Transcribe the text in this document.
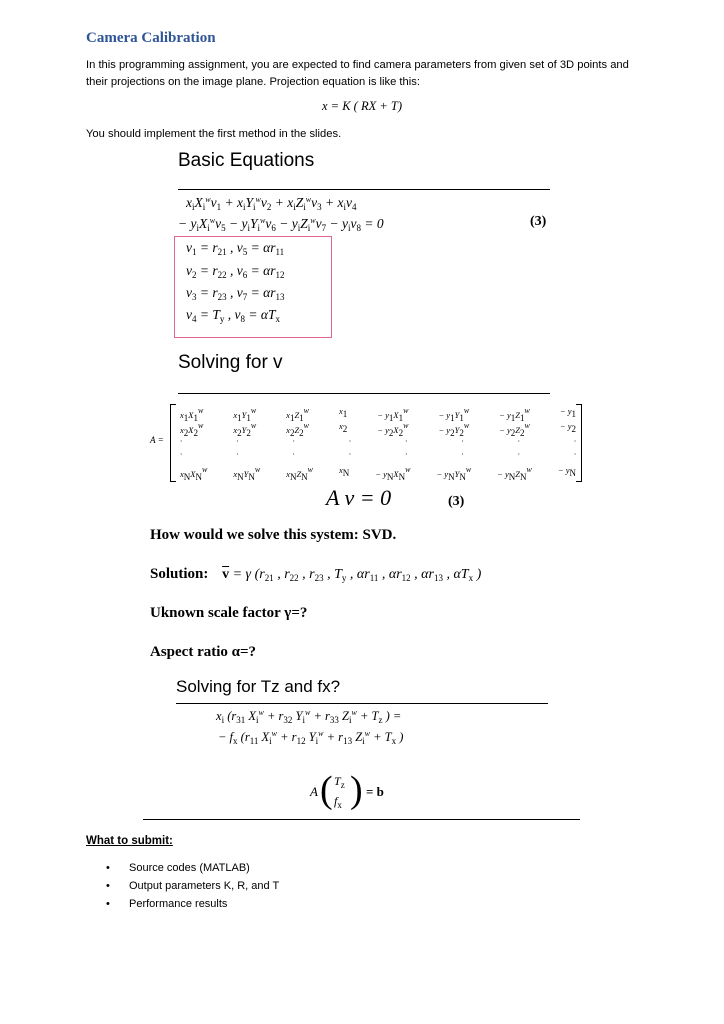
Camera Calibration
In this programming assignment, you are expected to find camera parameters from given set of 3D points and their projections on the image plane. Projection equation is like this:
x = K ( RX + T)
You should implement the first method in the slides.
Basic Equations
$x_iX_i^wv_1 + x_iY_i^wv_2 + x_iZ_i^wv_3 + x_iv_4$
− $y_iX_i^wv_5 - y_iY_i^wv_6 - y_iZ_i^wv_7 - y_iv_8 = 0$	(3)
$v_1 = r_{21}$ , $v_5 = \alpha r_{11}$
$v_2 = r_{22}$ , $v_6 = \alpha r_{12}$
$v_3 = r_{23}$ , $v_7 = \alpha r_{13}$
$v_4 = T_y$ , $v_8 = \alpha T_x$
Solving for v
A =
x1X1w	x1Y1w	x1Z1w	x1	− y1X1w	− y1Y1w	− y1Z1w	− y1
x2X2w	x2Y2w	x2Z2w	x2	− y2X2w	− y2Y2w	− y2Z2w	− y2
·	·	·	·	·	·	·	·
·	·	·	·	·	·	·	·
xNXNw	xNYNw	xNZNw	xN	− yNXNw	− yNYNw	− yNZNw	− yN
A v = 0	(3)
How would we solve this system: SVD.
Solution: $\overline{v} = \gamma$ ($r_{21}$ , $r_{22}$ , $r_{23}$ , $T_y$ , $\alpha r_{11}$ , $\alpha r_{12}$ , $\alpha r_{13}$ , $\alpha T_x$ )
Uknown scale factor γ=?
Aspect ratio α=?
Solving for Tz and fx?
$x_i$ ($r_{31}$ $X_i^w + r_{32}$ $Y_i^w + r_{33}$ $Z_i^w + T_z$ ) =
− $f_x$ ($r_{11}$ $X_i^w + r_{12}$ $Y_i^w + r_{13}$ $Z_i^w + T_x$ )
A ( $T_z$
$f_x$ ) = b
What to submit:
• Source codes (MATLAB)
• Output parameters K, R, and T
• Performance results
